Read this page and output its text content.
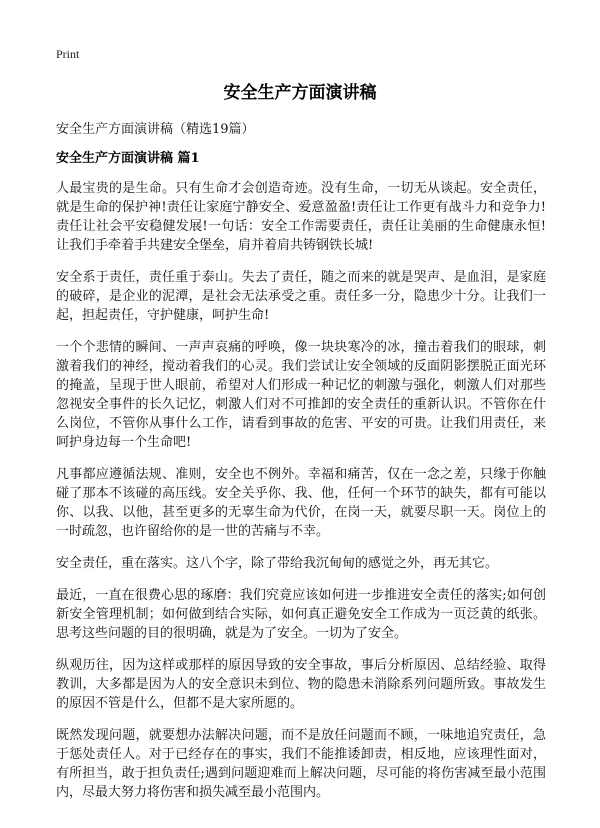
Print
安全生产方面演讲稿
安全生产方面演讲稿（精选19篇）
安全生产方面演讲稿 篇1

人最宝贵的是生命。只有生命才会创造奇迹。没有生命，一切无从谈起。安全责任，就是生命的保护神!责任让家庭宁静安全、爱意盈盈!责任让工作更有战斗力和竞争力!责任让社会平安稳健发展!一句话：安全工作需要责任，责任让美丽的生命健康永恒!让我们手牵着手共建安全堡垒，肩并着肩共铸钢铁长城!

安全系于责任，责任重于泰山。失去了责任，随之而来的就是哭声、是血泪，是家庭的破碎，是企业的泥潭，是社会无法承受之重。责任多一分，隐患少十分。让我们一起，担起责任，守护健康，呵护生命!

一个个悲情的瞬间、一声声哀痛的呼唤，像一块块寒冷的冰，撞击着我们的眼球，刺激着我们的神经，搅动着我们的心灵。我们尝试让安全领域的反面阴影摆脱正面光环的掩盖，呈现于世人眼前，希望对人们形成一种记忆的刺激与强化，刺激人们对那些忽视安全事件的长久记忆，刺激人们对不可推卸的安全责任的重新认识。不管你在什么岗位，不管你从事什么工作，请看到事故的危害、平安的可贵。让我们用责任，来呵护身边每一个生命吧!

凡事都应遵循法规、准则，安全也不例外。幸福和痛苦，仅在一念之差，只缘于你触碰了那本不该碰的高压线。安全关乎你、我、他，任何一个环节的缺失，都有可能以你、以我、以他，甚至更多的无辜生命为代价，在岗一天，就要尽职一天。岗位上的一时疏忽，也许留给你的是一世的苦痛与不幸。

安全责任，重在落实。这八个字，除了带给我沉甸甸的感觉之外，再无其它。

最近，一直在很费心思的琢磨：我们究竟应该如何进一步推进安全责任的落实;如何创新安全管理机制；如何做到结合实际，如何真正避免安全工作成为一页泛黄的纸张。思考这些问题的目的很明确，就是为了安全。一切为了安全。

纵观历往，因为这样或那样的原因导致的安全事故，事后分析原因、总结经验、取得教训，大多都是因为人的安全意识未到位、物的隐患未消除系列问题所致。事故发生的原因不管是什么，但都不是大家所愿的。

既然发现问题，就要想办法解决问题，而不是放任问题而不顾，一味地追究责任，急于惩处责任人。对于已经存在的事实，我们不能推诿卸责，相反地，应该理性面对，有所担当，敢于担负责任;遇到问题迎难而上解决问题，尽可能的将伤害减至最小范围内，尽最大努力将伤害和损失减至最小范围内。
